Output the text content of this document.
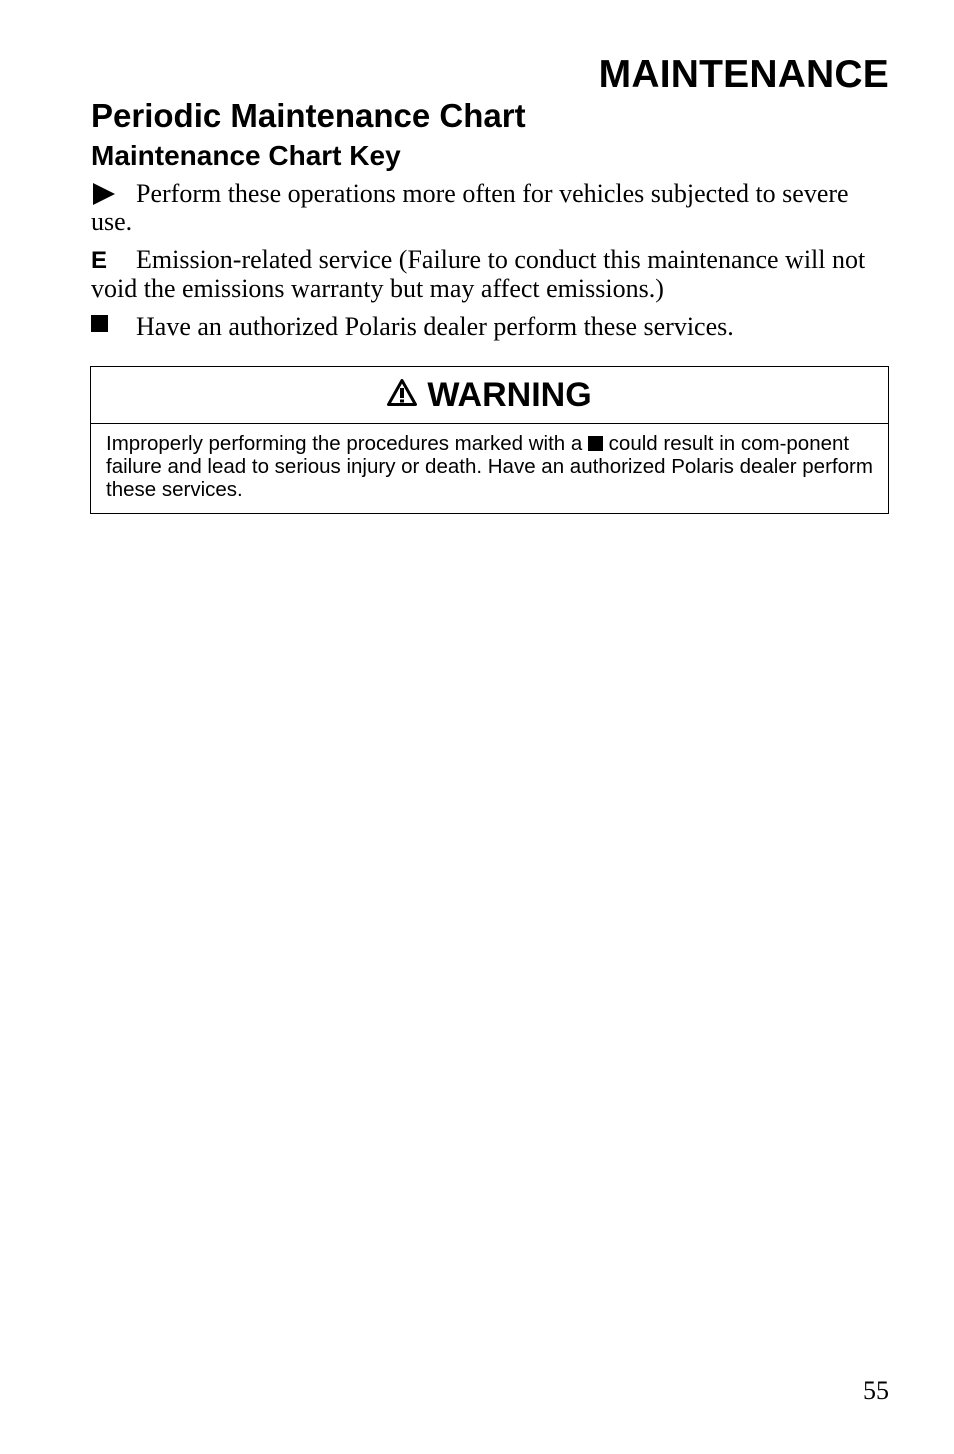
MAINTENANCE
Periodic Maintenance Chart
Maintenance Chart Key
Perform these operations more often for vehicles subjected to severe use.
E Emission-related service (Failure to conduct this maintenance will not void the emissions warranty but may affect emissions.)
Have an authorized Polaris dealer perform these services.
WARNING
Improperly performing the procedures marked with a  could result in com-ponent failure and lead to serious injury or death. Have an authorized Polaris dealer perform these services.

55
